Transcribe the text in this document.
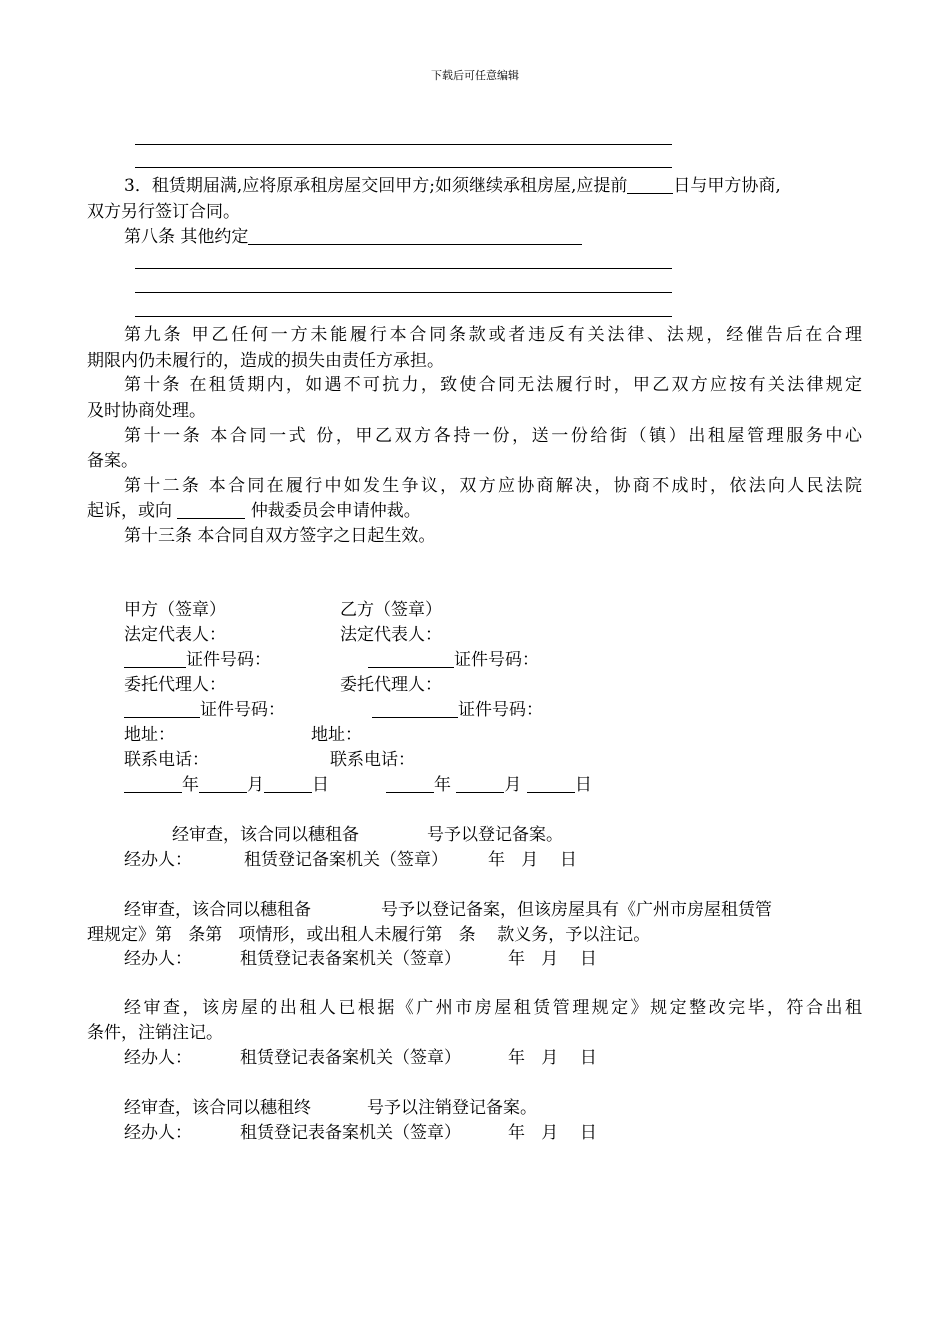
下载后可任意编辑
3．租赁期届满,应将原承租房屋交回甲方;如须继续承租房屋,应提前	日与甲方协商,
双方另行签订合同。
第八条 其他约定
第九条 甲乙任何一方未能履行本合同条款或者违反有关法律、法规，经催告后在合理
期限内仍未履行的，造成的损失由责任方承担。
第十条 在租赁期内，如遇不可抗力，致使合同无法履行时，甲乙双方应按有关法律规定
及时协商处理。
第十一条 本合同一式 份，甲乙双方各持一份，送一份给街（镇）出租屋管理服务中心
备案。
第十二条 本合同在履行中如发生争议，双方应协商解决，协商不成时，依法向人民法院
起诉，或向	仲裁委员会申请仲裁。
第十三条 本合同自双方签字之日起生效。
甲方（签章）	乙方（签章）
法定代表人：	法定代表人：
证件号码：	证件号码：
委托代理人：	委托代理人：
证件号码：	证件号码：
地址：	地址：
联系电话：	联系电话：
年	月	日	年	月	日
经审查，该合同以穗租备	号予以登记备案。
经办人：	租赁登记备案机关（签章） 年   月    日
经审查，该合同以穗租备	号予以登记备案，但该房屋具有《广州市房屋租赁管
理规定》第   条第   项情形，或出租人未履行第   条    款义务，予以注记。
经办人：	租赁登记表备案机关（签章）	年   月    日
经审查，该房屋的出租人已根据《广州市房屋租赁管理规定》规定整改完毕，符合出租
条件，注销注记。
经办人：	租赁登记表备案机关（签章）	年   月    日
经审查，该合同以穗租终	号予以注销登记备案。
经办人：	租赁登记表备案机关（签章）	年   月    日
